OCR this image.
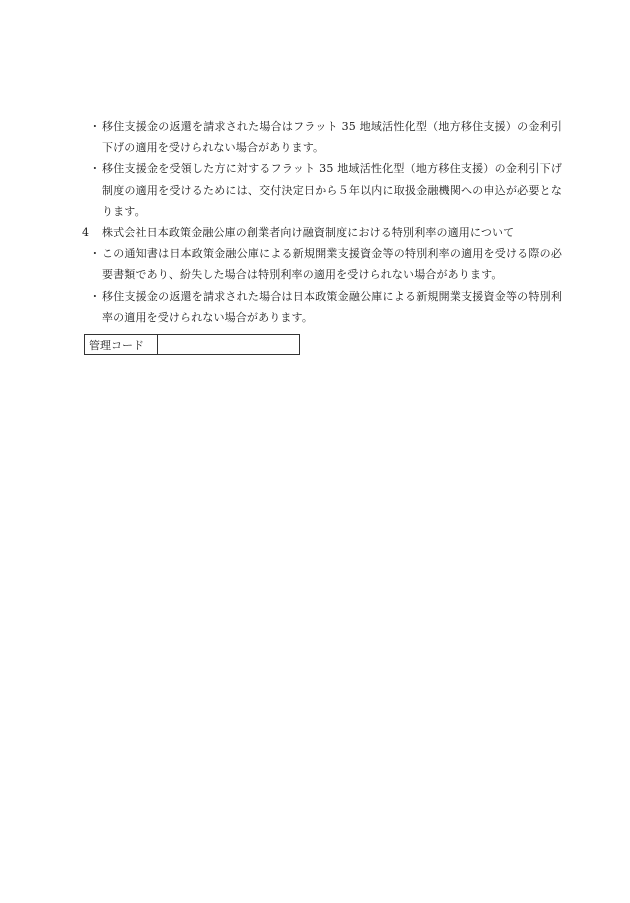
・ 移住支援金の返還を請求された場合はフラット 35 地域活性化型（地方移住支援）の金利引下げの適用を受けられない場合があります。
・ 移住支援金を受領した方に対するフラット 35 地域活性化型（地方移住支援）の金利引下げ制度の適用を受けるためには、交付決定日から５年以内に取扱金融機関への申込が必要となります。
4	株式会社日本政策金融公庫の創業者向け融資制度における特別利率の適用について
・ この通知書は日本政策金融公庫による新規開業支援資金等の特別利率の適用を受ける際の必要書類であり、紛失した場合は特別利率の適用を受けられない場合があります。
・ 移住支援金の返還を請求された場合は日本政策金融公庫による新規開業支援資金等の特別利率の適用を受けられない場合があります。
管理コード	
